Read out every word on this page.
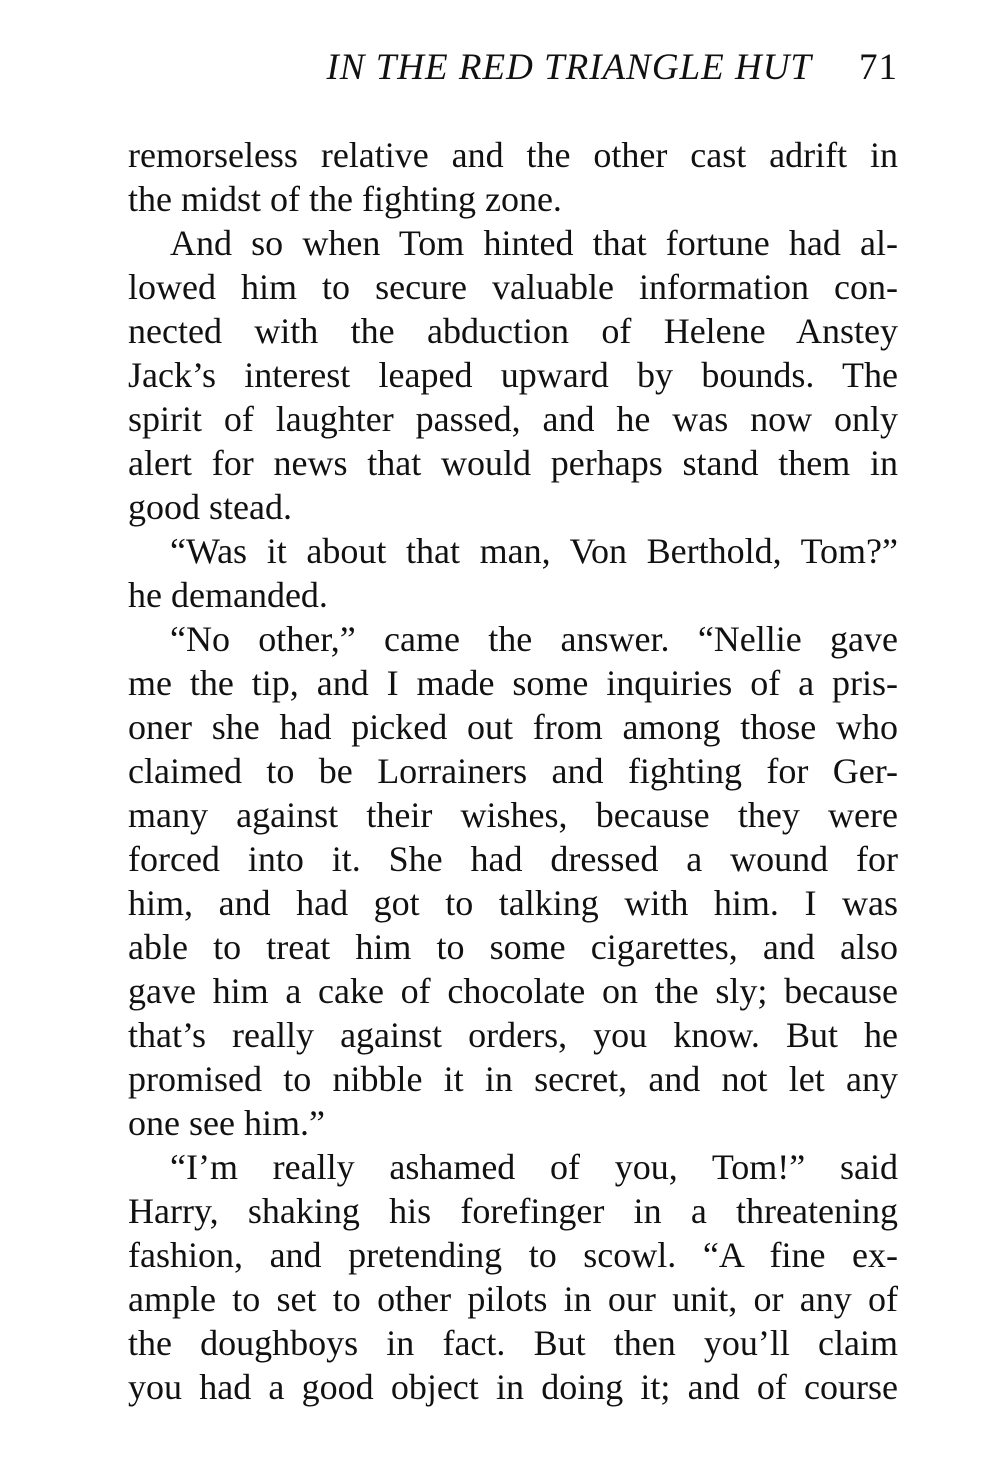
IN THE RED TRIANGLE HUT 71
remorseless relative and the other cast adrift in
the midst of the fighting zone.
And so when Tom hinted that fortune had al-
lowed him to secure valuable information con-
nected with the abduction of Helene Anstey
Jack’s interest leaped upward by bounds. The
spirit of laughter passed, and he was now only
alert for news that would perhaps stand them in
good stead.
“Was it about that man, Von Berthold, Tom?”
he demanded.
“No other,” came the answer. “Nellie gave
me the tip, and I made some inquiries of a pris-
oner she had picked out from among those who
claimed to be Lorrainers and fighting for Ger-
many against their wishes, because they were
forced into it. She had dressed a wound for
him, and had got to talking with him. I was
able to treat him to some cigarettes, and also
gave him a cake of chocolate on the sly; because
that’s really against orders, you know. But he
promised to nibble it in secret, and not let any
one see him.”
“I’m really ashamed of you, Tom!” said
Harry, shaking his forefinger in a threatening
fashion, and pretending to scowl. “A fine ex-
ample to set to other pilots in our unit, or any of
the doughboys in fact. But then you’ll claim
you had a good object in doing it; and of course
